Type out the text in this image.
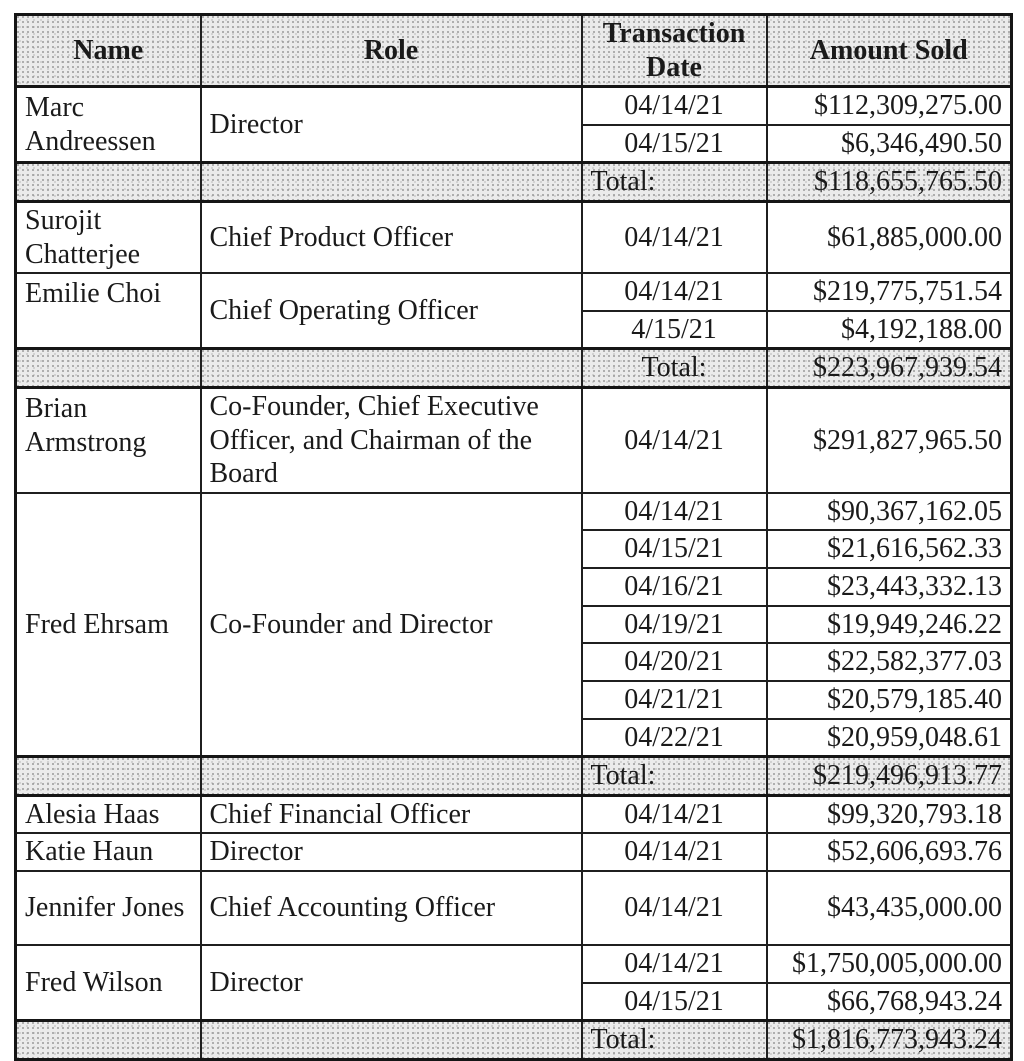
Name	Role	Transaction Date	Amount Sold
Marc Andreessen	Director	04/14/21	$112,309,275.00
		04/15/21	$6,346,490.50
		Total:	$118,655,765.50
Surojit Chatterjee	Chief Product Officer	04/14/21	$61,885,000.00
Emilie Choi	Chief Operating Officer	04/14/21	$219,775,751.54
		4/15/21	$4,192,188.00
		Total:	$223,967,939.54
Brian Armstrong	Co-Founder, Chief Executive Officer, and Chairman of the Board	04/14/21	$291,827,965.50
Fred Ehrsam	Co-Founder and Director	04/14/21	$90,367,162.05
		04/15/21	$21,616,562.33
		04/16/21	$23,443,332.13
		04/19/21	$19,949,246.22
		04/20/21	$22,582,377.03
		04/21/21	$20,579,185.40
		04/22/21	$20,959,048.61
		Total:	$219,496,913.77
Alesia Haas	Chief Financial Officer	04/14/21	$99,320,793.18
Katie Haun	Director	04/14/21	$52,606,693.76
Jennifer Jones	Chief Accounting Officer	04/14/21	$43,435,000.00
Fred Wilson	Director	04/14/21	$1,750,005,000.00
		04/15/21	$66,768,943.24
		Total:	$1,816,773,943.24
